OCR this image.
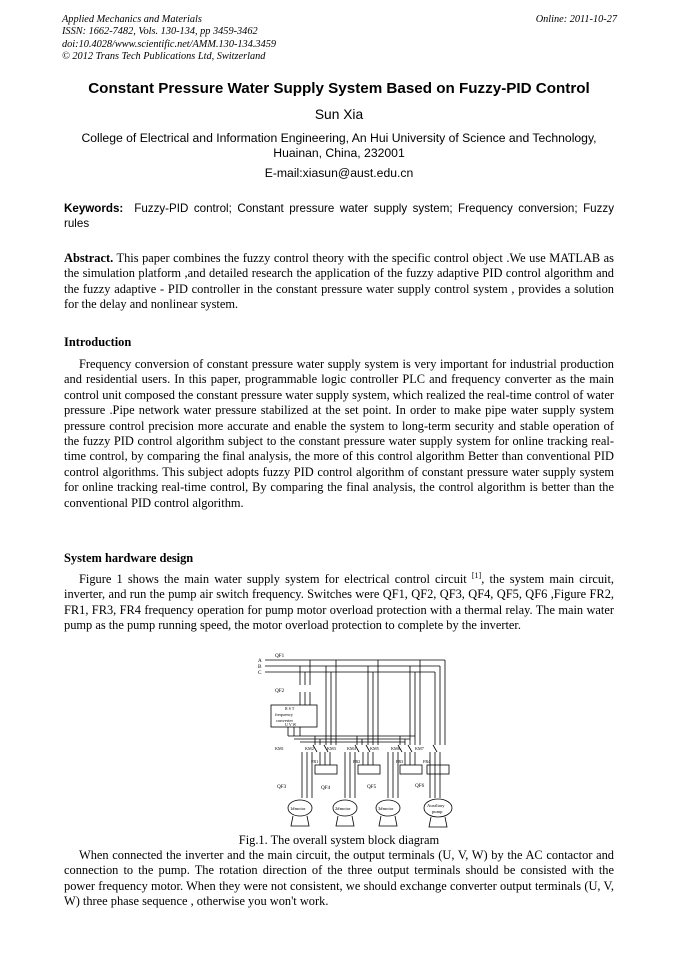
Applied Mechanics and Materials
ISSN: 1662-7482, Vols. 130-134, pp 3459-3462
doi:10.4028/www.scientific.net/AMM.130-134.3459
© 2012 Trans Tech Publications Ltd, Switzerland
Online: 2011-10-27
Constant Pressure Water Supply System Based on Fuzzy-PID Control
Sun Xia
College of Electrical and Information Engineering, An Hui University of Science and Technology, Huainan, China, 232001
E-mail:xiasun@aust.edu.cn
Keywords: Fuzzy-PID control; Constant pressure water supply system; Frequency conversion; Fuzzy rules
Abstract. This paper combines the fuzzy control theory with the specific control object .We use MATLAB as the simulation platform ,and detailed research the application of the fuzzy adaptive PID control algorithm and the fuzzy adaptive - PID controller in the constant pressure water supply control system , provides a solution for the delay and nonlinear system.
Introduction
Frequency conversion of constant pressure water supply system is very important for industrial production and residential users. In this paper, programmable logic controller PLC and frequency converter as the main control unit composed the constant pressure water supply system, which realized the real-time control of water pressure .Pipe network water pressure stabilized at the set point. In order to make pipe water supply system pressure control precision more accurate and enable the system to long-term security and stable operation of the fuzzy PID control algorithm subject to the constant pressure water supply system for online tracking real-time control, by comparing the final analysis, the more of this control algorithm Better than conventional PID control algorithms. This subject adopts fuzzy PID control algorithm of constant pressure water supply system for online tracking real-time control, By comparing the final analysis, the control algorithm is better than the conventional PID control algorithm.
System hardware design
Figure 1 shows the main water supply system for electrical control circuit [1], the system main circuit, inverter, and run the pump air switch frequency. Switches were QF1, QF2, QF3, QF4, QF5, QF6 ,Figure FR2, FR1, FR3, FR4 frequency operation for pump motor overload protection with a thermal relay. The main water pump as the pump running speed, the motor overload protection to complete by the inverter.
A
B
C
QF1
QF2
R S T
frequency
converter
U V W
KM1	KM2	KM3	KM4	KM5	KM6	KM7
FR1	FR2	FR3	FR4
QF3	QF4	QF5	QF6
1#motor	2#motor	3#motor
Auxiliary
pump
Fig.1. The overall system block diagram
When connected the inverter and the main circuit, the output terminals (U, V, W) by the AC contactor and connection to the pump. The rotation direction of the three output terminals should be consisted with the power frequency motor. When they were not consistent, we should exchange converter output terminals (U, V, W) three phase sequence , otherwise you won't work.
